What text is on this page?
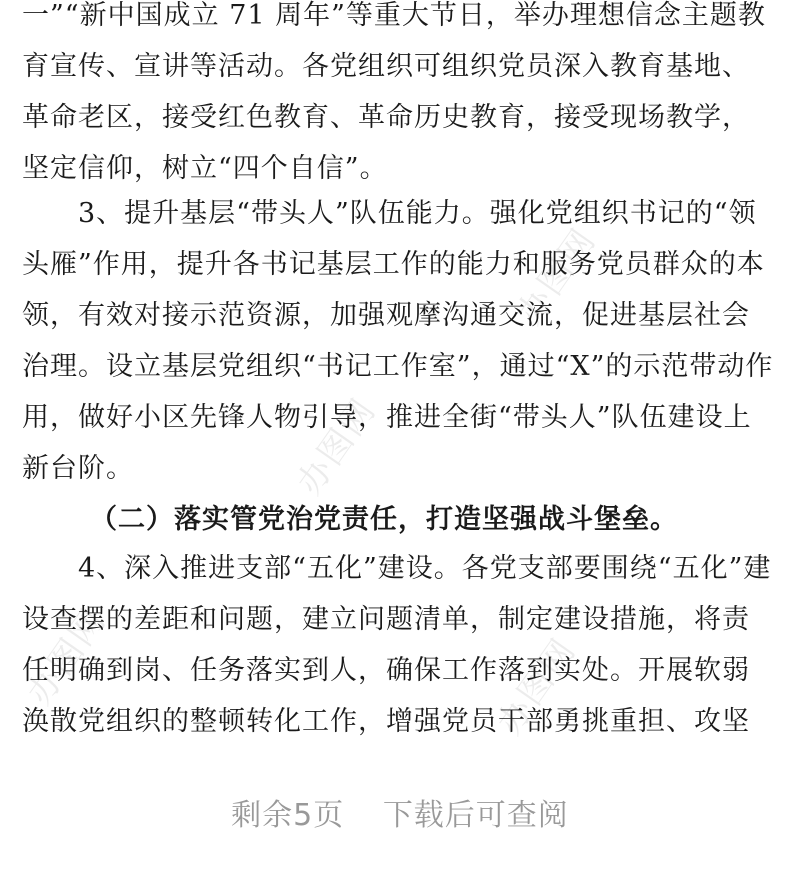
办图网
办图网
办图网
办图网
一”“新中国成立 71 周年”等重大节日，举办理想信念主题教
育宣传、宣讲等活动。各党组织可组织党员深入教育基地、
革命老区，接受红色教育、革命历史教育，接受现场教学，
坚定信仰，树立“四个自信”。
　　3、提升基层“带头人”队伍能力。强化党组织书记的“领
头雁”作用，提升各书记基层工作的能力和服务党员群众的本
领，有效对接示范资源，加强观摩沟通交流，促进基层社会
治理。设立基层党组织“书记工作室”，通过“X”的示范带动作
用，做好小区先锋人物引导，推进全街“带头人”队伍建设上
新台阶。
（二）落实管党治党责任，打造坚强战斗堡垒。
　　4、深入推进支部“五化”建设。各党支部要围绕“五化”建
设查摆的差距和问题，建立问题清单，制定建设措施，将责
任明确到岗、任务落实到人，确保工作落到实处。开展软弱
涣散党组织的整顿转化工作，增强党员干部勇挑重担、攻坚
剩余5页 下载后可查阅
